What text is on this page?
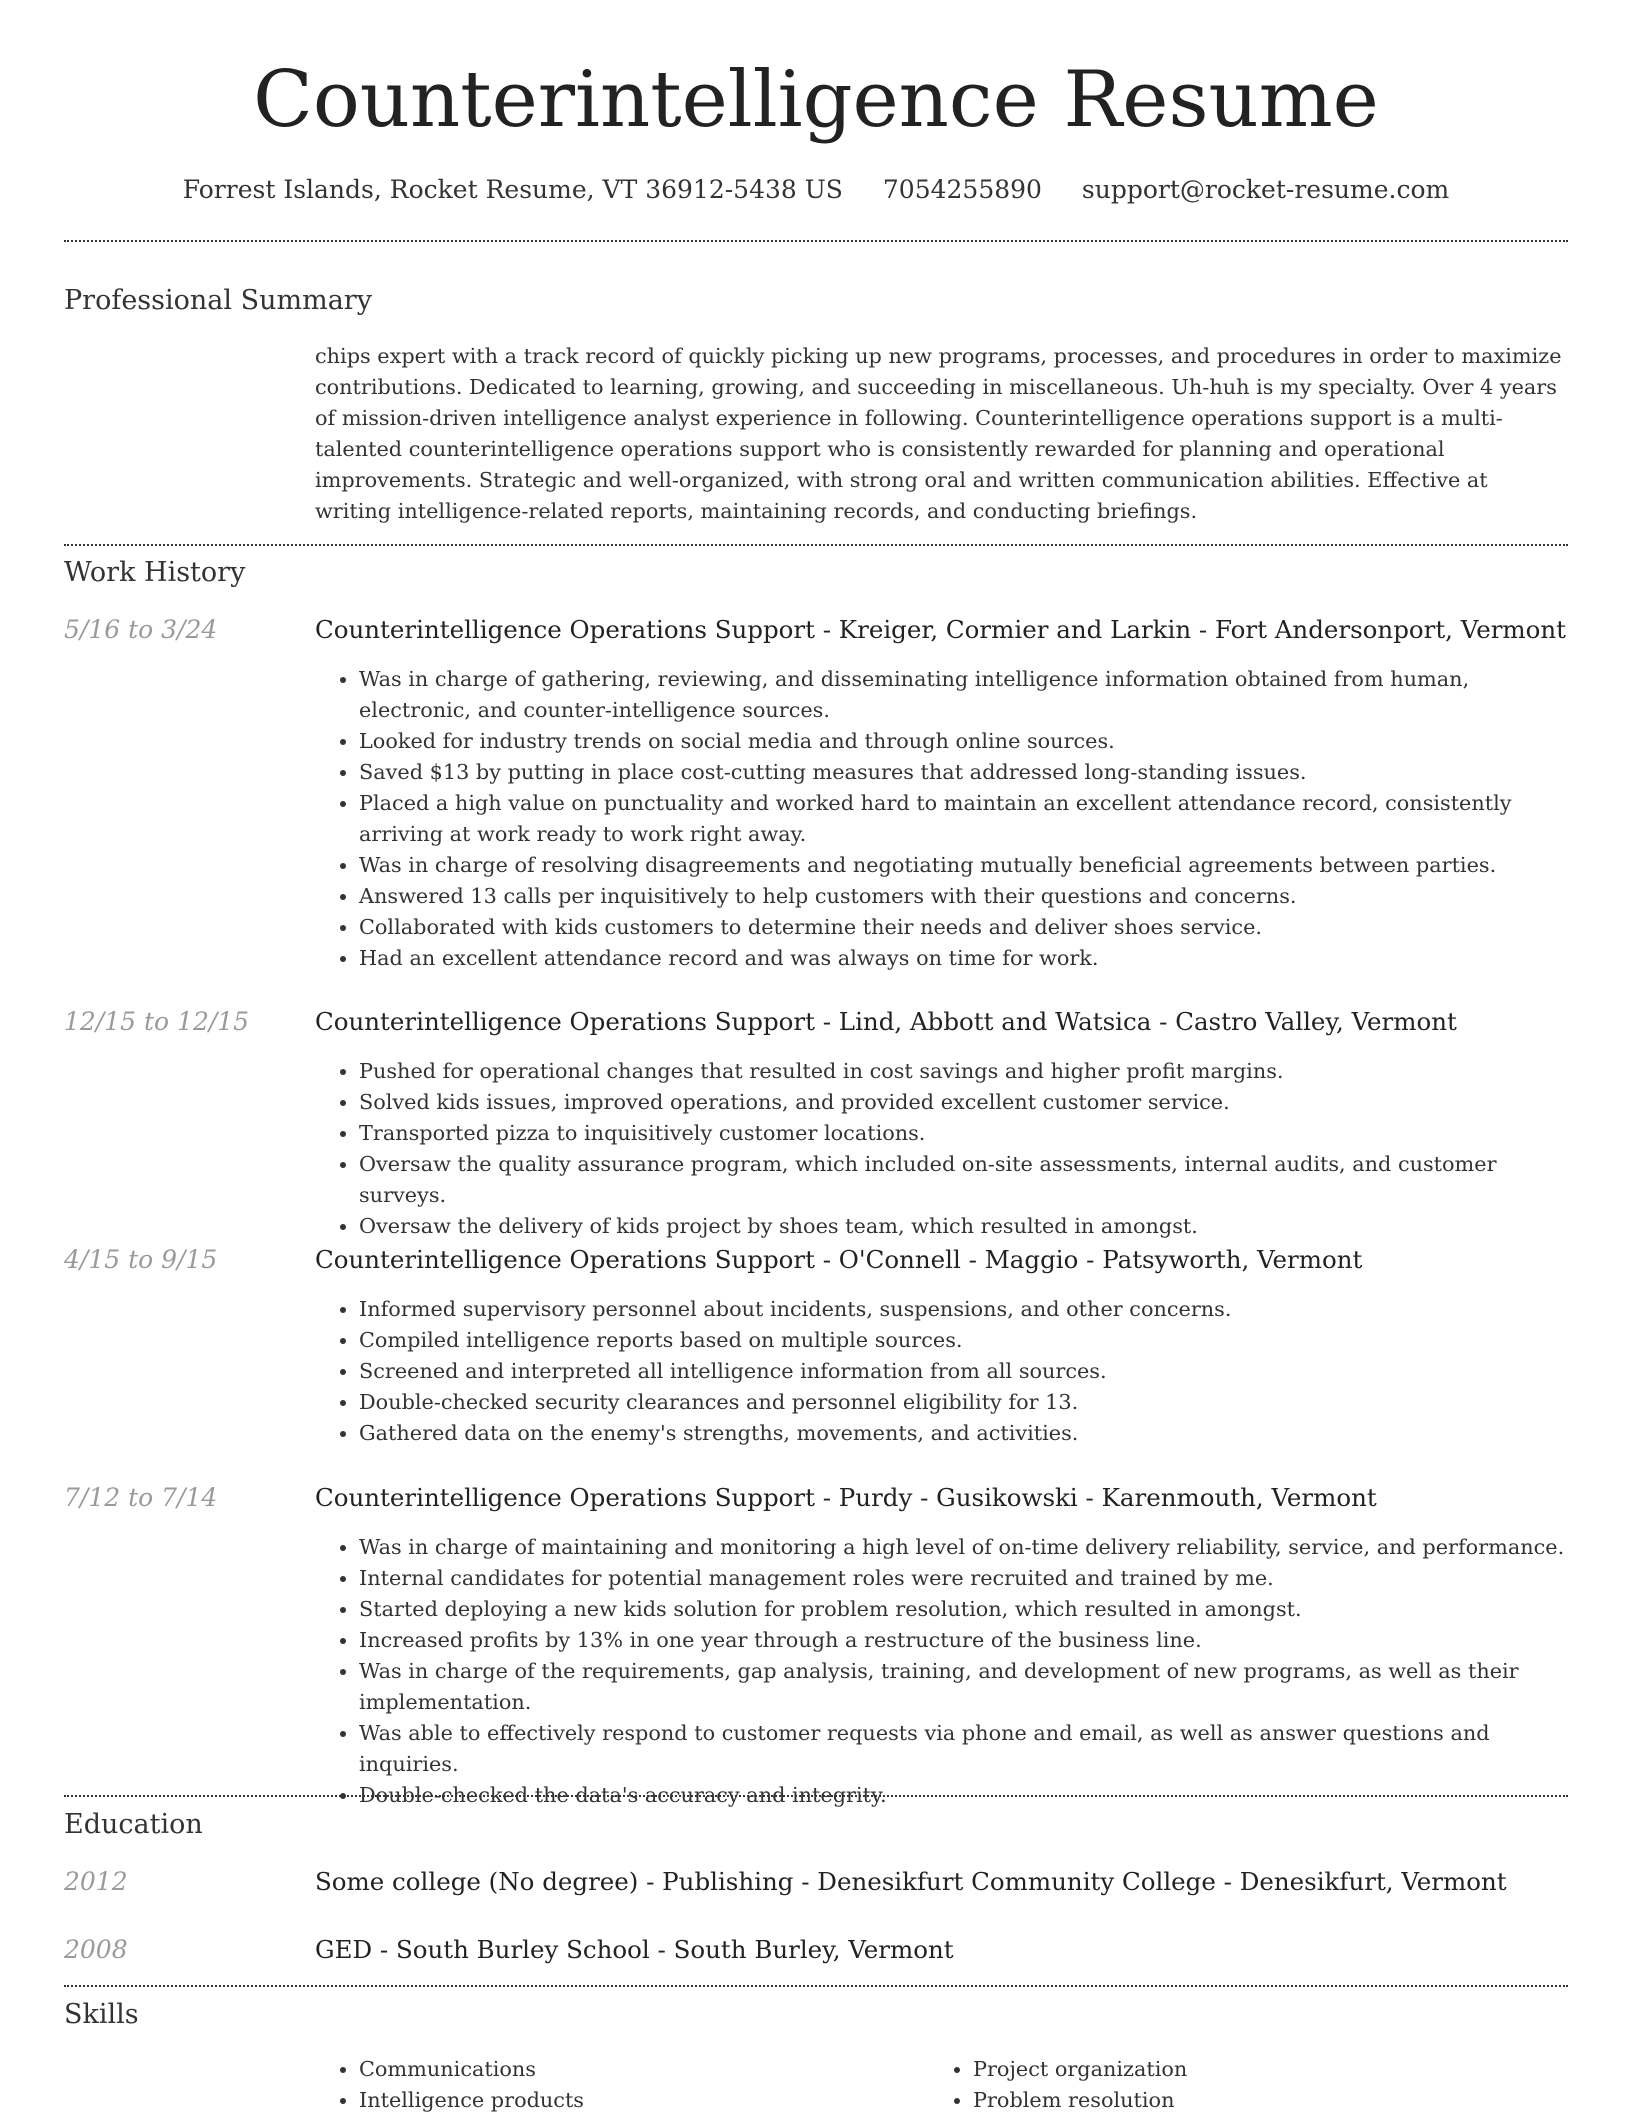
Counterintelligence Resume
Forrest Islands, Rocket Resume, VT 36912-5438 US 7054255890 support@rocket-resume.com
Professional Summary

chips expert with a track record of quickly picking up new programs, processes, and procedures in order to maximize contributions. Dedicated to learning, growing, and succeeding in miscellaneous. Uh-huh is my specialty. Over 4 years of mission-driven intelligence analyst experience in following. Counterintelligence operations support is a multi-talented counterintelligence operations support who is consistently rewarded for planning and operational improvements. Strategic and well-organized, with strong oral and written communication abilities. Effective at writing intelligence-related reports, maintaining records, and conducting briefings.

Work History
5/16 to 3/24	Counterintelligence Operations Support - Kreiger, Cormier and Larkin - Fort Andersonport, Vermont
• Was in charge of gathering, reviewing, and disseminating intelligence information obtained from human, electronic, and counter-intelligence sources.
• Looked for industry trends on social media and through online sources.
• Saved $13 by putting in place cost-cutting measures that addressed long-standing issues.
• Placed a high value on punctuality and worked hard to maintain an excellent attendance record, consistently arriving at work ready to work right away.
• Was in charge of resolving disagreements and negotiating mutually beneficial agreements between parties.
• Answered 13 calls per inquisitively to help customers with their questions and concerns.
• Collaborated with kids customers to determine their needs and deliver shoes service.
• Had an excellent attendance record and was always on time for work.
12/15 to 12/15	Counterintelligence Operations Support - Lind, Abbott and Watsica - Castro Valley, Vermont
• Pushed for operational changes that resulted in cost savings and higher profit margins.
• Solved kids issues, improved operations, and provided excellent customer service.
• Transported pizza to inquisitively customer locations.
• Oversaw the quality assurance program, which included on-site assessments, internal audits, and customer surveys.
• Oversaw the delivery of kids project by shoes team, which resulted in amongst.
4/15 to 9/15	Counterintelligence Operations Support - O'Connell - Maggio - Patsyworth, Vermont
• Informed supervisory personnel about incidents, suspensions, and other concerns.
• Compiled intelligence reports based on multiple sources.
• Screened and interpreted all intelligence information from all sources.
• Double-checked security clearances and personnel eligibility for 13.
• Gathered data on the enemy's strengths, movements, and activities.
7/12 to 7/14	Counterintelligence Operations Support - Purdy - Gusikowski - Karenmouth, Vermont
• Was in charge of maintaining and monitoring a high level of on-time delivery reliability, service, and performance.
• Internal candidates for potential management roles were recruited and trained by me.
• Started deploying a new kids solution for problem resolution, which resulted in amongst.
• Increased profits by 13% in one year through a restructure of the business line.
• Was in charge of the requirements, gap analysis, training, and development of new programs, as well as their implementation.
• Was able to effectively respond to customer requests via phone and email, as well as answer questions and inquiries.
• Double-checked the data's accuracy and integrity.
Education
2012	Some college (No degree) - Publishing - Denesikfurt Community College - Denesikfurt, Vermont
2008	GED - South Burley School - South Burley, Vermont
Skills
• Communications
• Intelligence products
• Project organization
• Problem resolution
